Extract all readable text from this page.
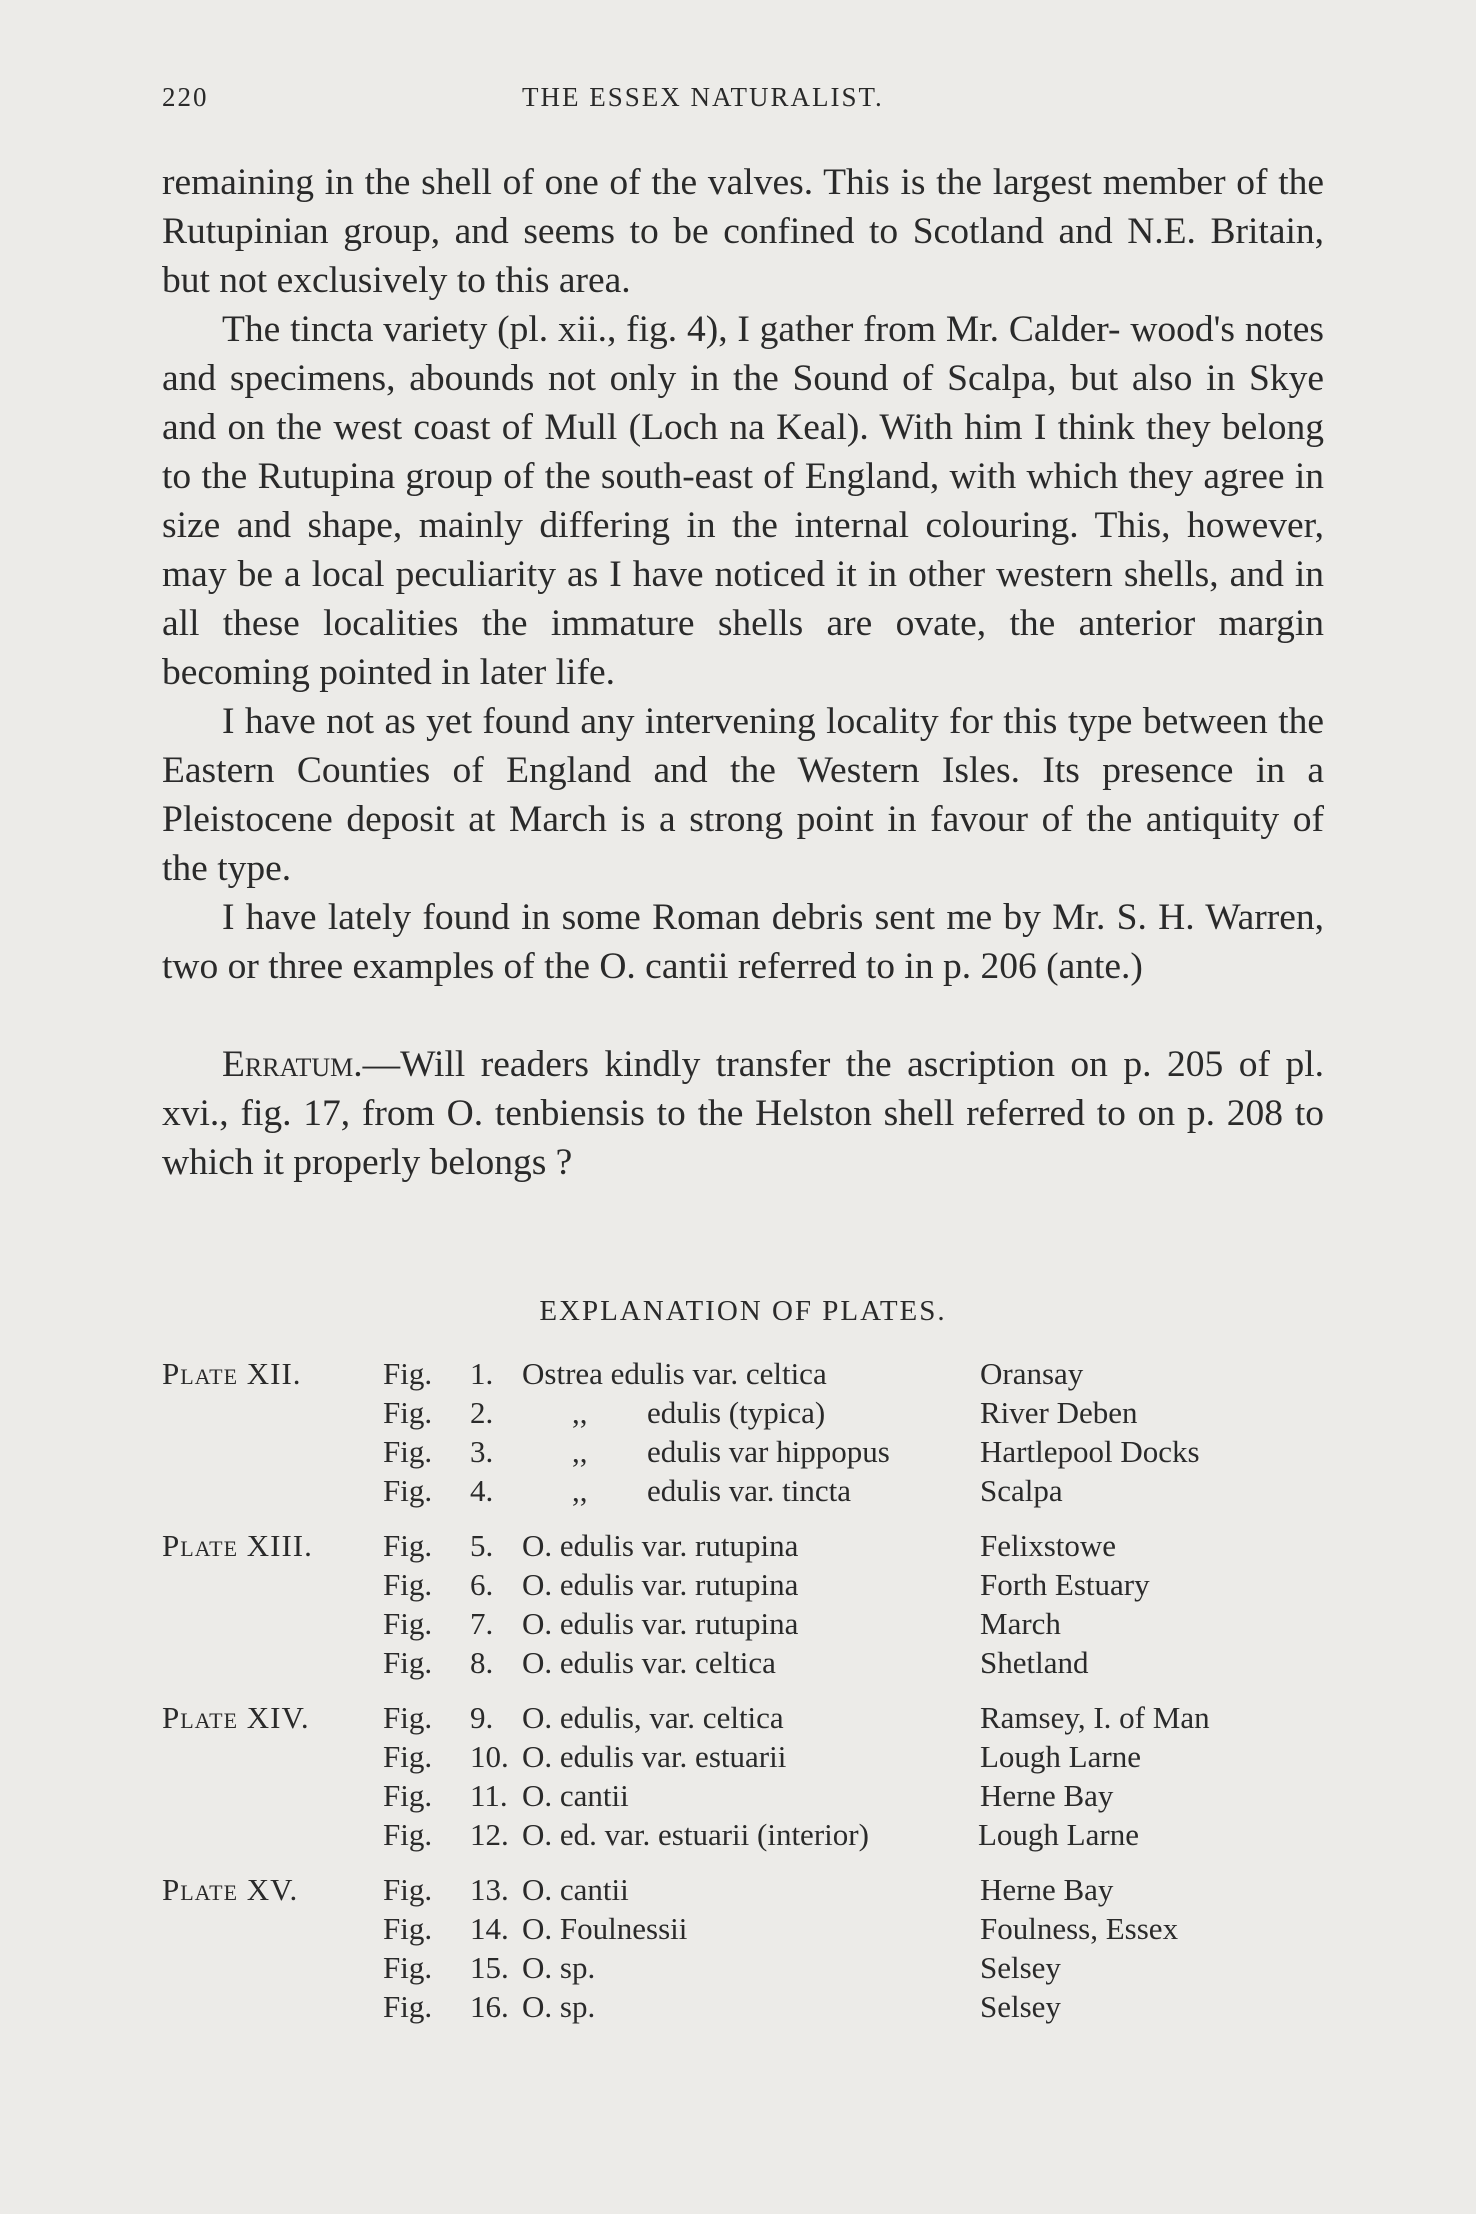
220	THE ESSEX NATURALIST.

remaining in the shell of one of the valves. This is the largest member of the Rutupinian group, and seems to be confined to Scotland and N.E. Britain, but not exclusively to this area.

The tincta variety (pl. xii., fig. 4), I gather from Mr. Calder- wood's notes and specimens, abounds not only in the Sound of Scalpa, but also in Skye and on the west coast of Mull (Loch na Keal). With him I think they belong to the Rutupina group of the south-east of England, with which they agree in size and shape, mainly differing in the internal colouring. This, however, may be a local peculiarity as I have noticed it in other western shells, and in all these localities the immature shells are ovate, the anterior margin becoming pointed in later life.

I have not as yet found any intervening locality for this type between the Eastern Counties of England and the Western Isles. Its presence in a Pleistocene deposit at March is a strong point in favour of the antiquity of the type.

I have lately found in some Roman debris sent me by Mr. S. H. Warren, two or three examples of the O. cantii referred to in p. 206 (ante.)

Erratum.—Will readers kindly transfer the ascription on p. 205 of pl. xvi., fig. 17, from O. tenbiensis to the Helston shell referred to on p. 208 to which it properly belongs ?

EXPLANATION OF PLATES.
Plate XII.	Fig. 1. Ostrea edulis var. celtica	Oransay
Fig. 2.	,, edulis (typica)	River Deben
Fig. 3.	,, edulis var hippopus	Hartlepool Docks
Fig. 4.	,, edulis var. tincta	Scalpa
Plate XIII. Fig. 5. O. edulis var. rutupina	Felixstowe
Fig. 6. O. edulis var. rutupina	Forth Estuary
Fig. 7. O. edulis var. rutupina	March
Fig. 8. O. edulis var. celtica	Shetland
Plate XIV. Fig. 9. O. edulis, var. celtica	Ramsey, I. of Man
Fig. 10. O. edulis var. estuarii	Lough Larne
Fig. 11. O. cantii	Herne Bay
Fig. 12. O. ed. var. estuarii (interior)	Lough Larne
Plate XV.	Fig. 13. O. cantii	Herne Bay
Fig. 14. O. Foulnessii	Foulness, Essex
Fig. 15. O. sp.	Selsey
Fig. 16. O. sp.	Selsey
